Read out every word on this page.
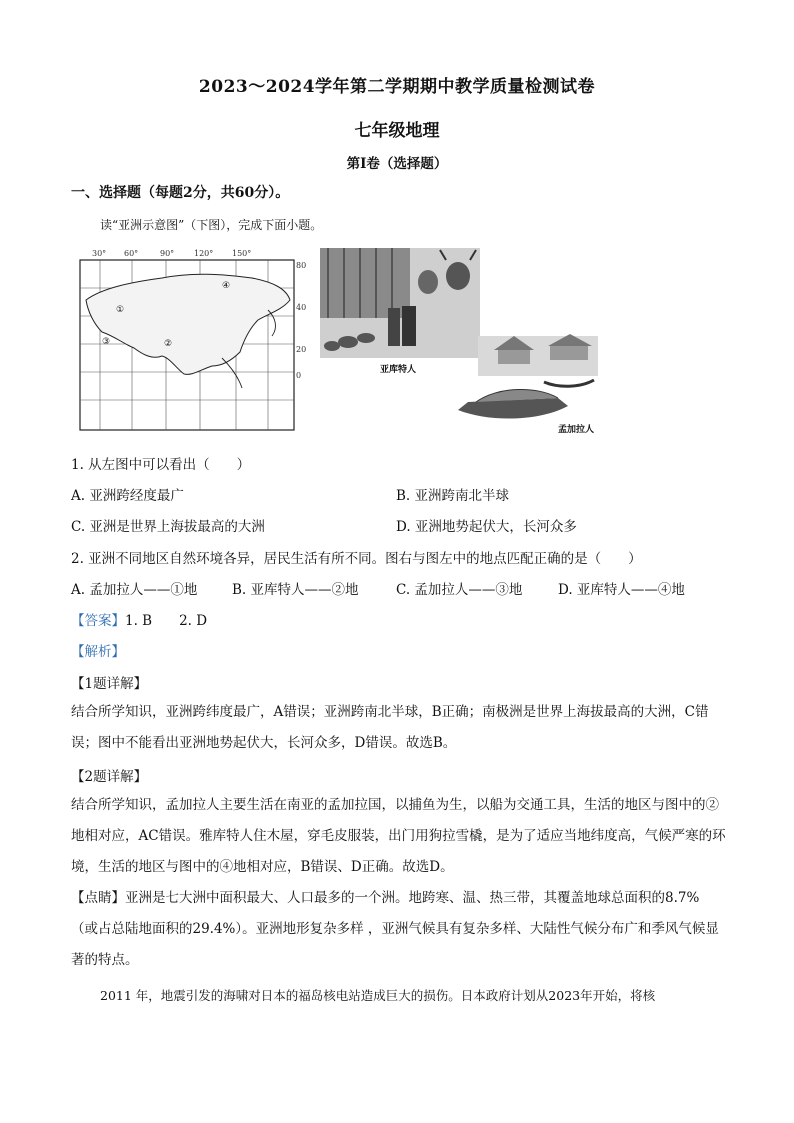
2023～2024学年第二学期期中教学质量检测试卷
七年级地理
第Ⅰ卷（选择题）
一、选择题（每题2分，共60分）。
读“亚洲示意图”（下图），完成下面小题。
30° 60°	90° 120° 150°
80
40
20
0
①
②
③
④
亚库特人
孟加拉人
1. 从左图中可以看出（　　）
A. 亚洲跨经度最广	B. 亚洲跨南北半球
C. 亚洲是世界上海拔最高的大洲	D. 亚洲地势起伏大，长河众多
2. 亚洲不同地区自然环境各异，居民生活有所不同。图右与图左中的地点匹配正确的是（　　）
A. 孟加拉人——①地	B. 亚库特人——②地	C. 孟加拉人——③地	D. 亚库特人——④地
【答案】1. B　　2. D
【解析】
【1题详解】
结合所学知识，亚洲跨纬度最广，A错误；亚洲跨南北半球，B正确；南极洲是世界上海拔最高的大洲，C错误；图中不能看出亚洲地势起伏大，长河众多，D错误。故选B。
【2题详解】
结合所学知识，孟加拉人主要生活在南亚的孟加拉国，以捕鱼为生，以船为交通工具，生活的地区与图中的②地相对应，AC错误。雅库特人住木屋，穿毛皮服装，出门用狗拉雪橇，是为了适应当地纬度高，气候严寒的环境，生活的地区与图中的④地相对应，B错误、D正确。故选D。
【点睛】亚洲是七大洲中面积最大、人口最多的一个洲。地跨寒、温、热三带，其覆盖地球总面积的8.7%（或占总陆地面积的29.4%）。亚洲地形复杂多样 ，亚洲气候具有复杂多样、大陆性气候分布广和季风气候显著的特点。
2011 年，地震引发的海啸对日本的福岛核电站造成巨大的损伤。日本政府计划从2023年开始，将核
